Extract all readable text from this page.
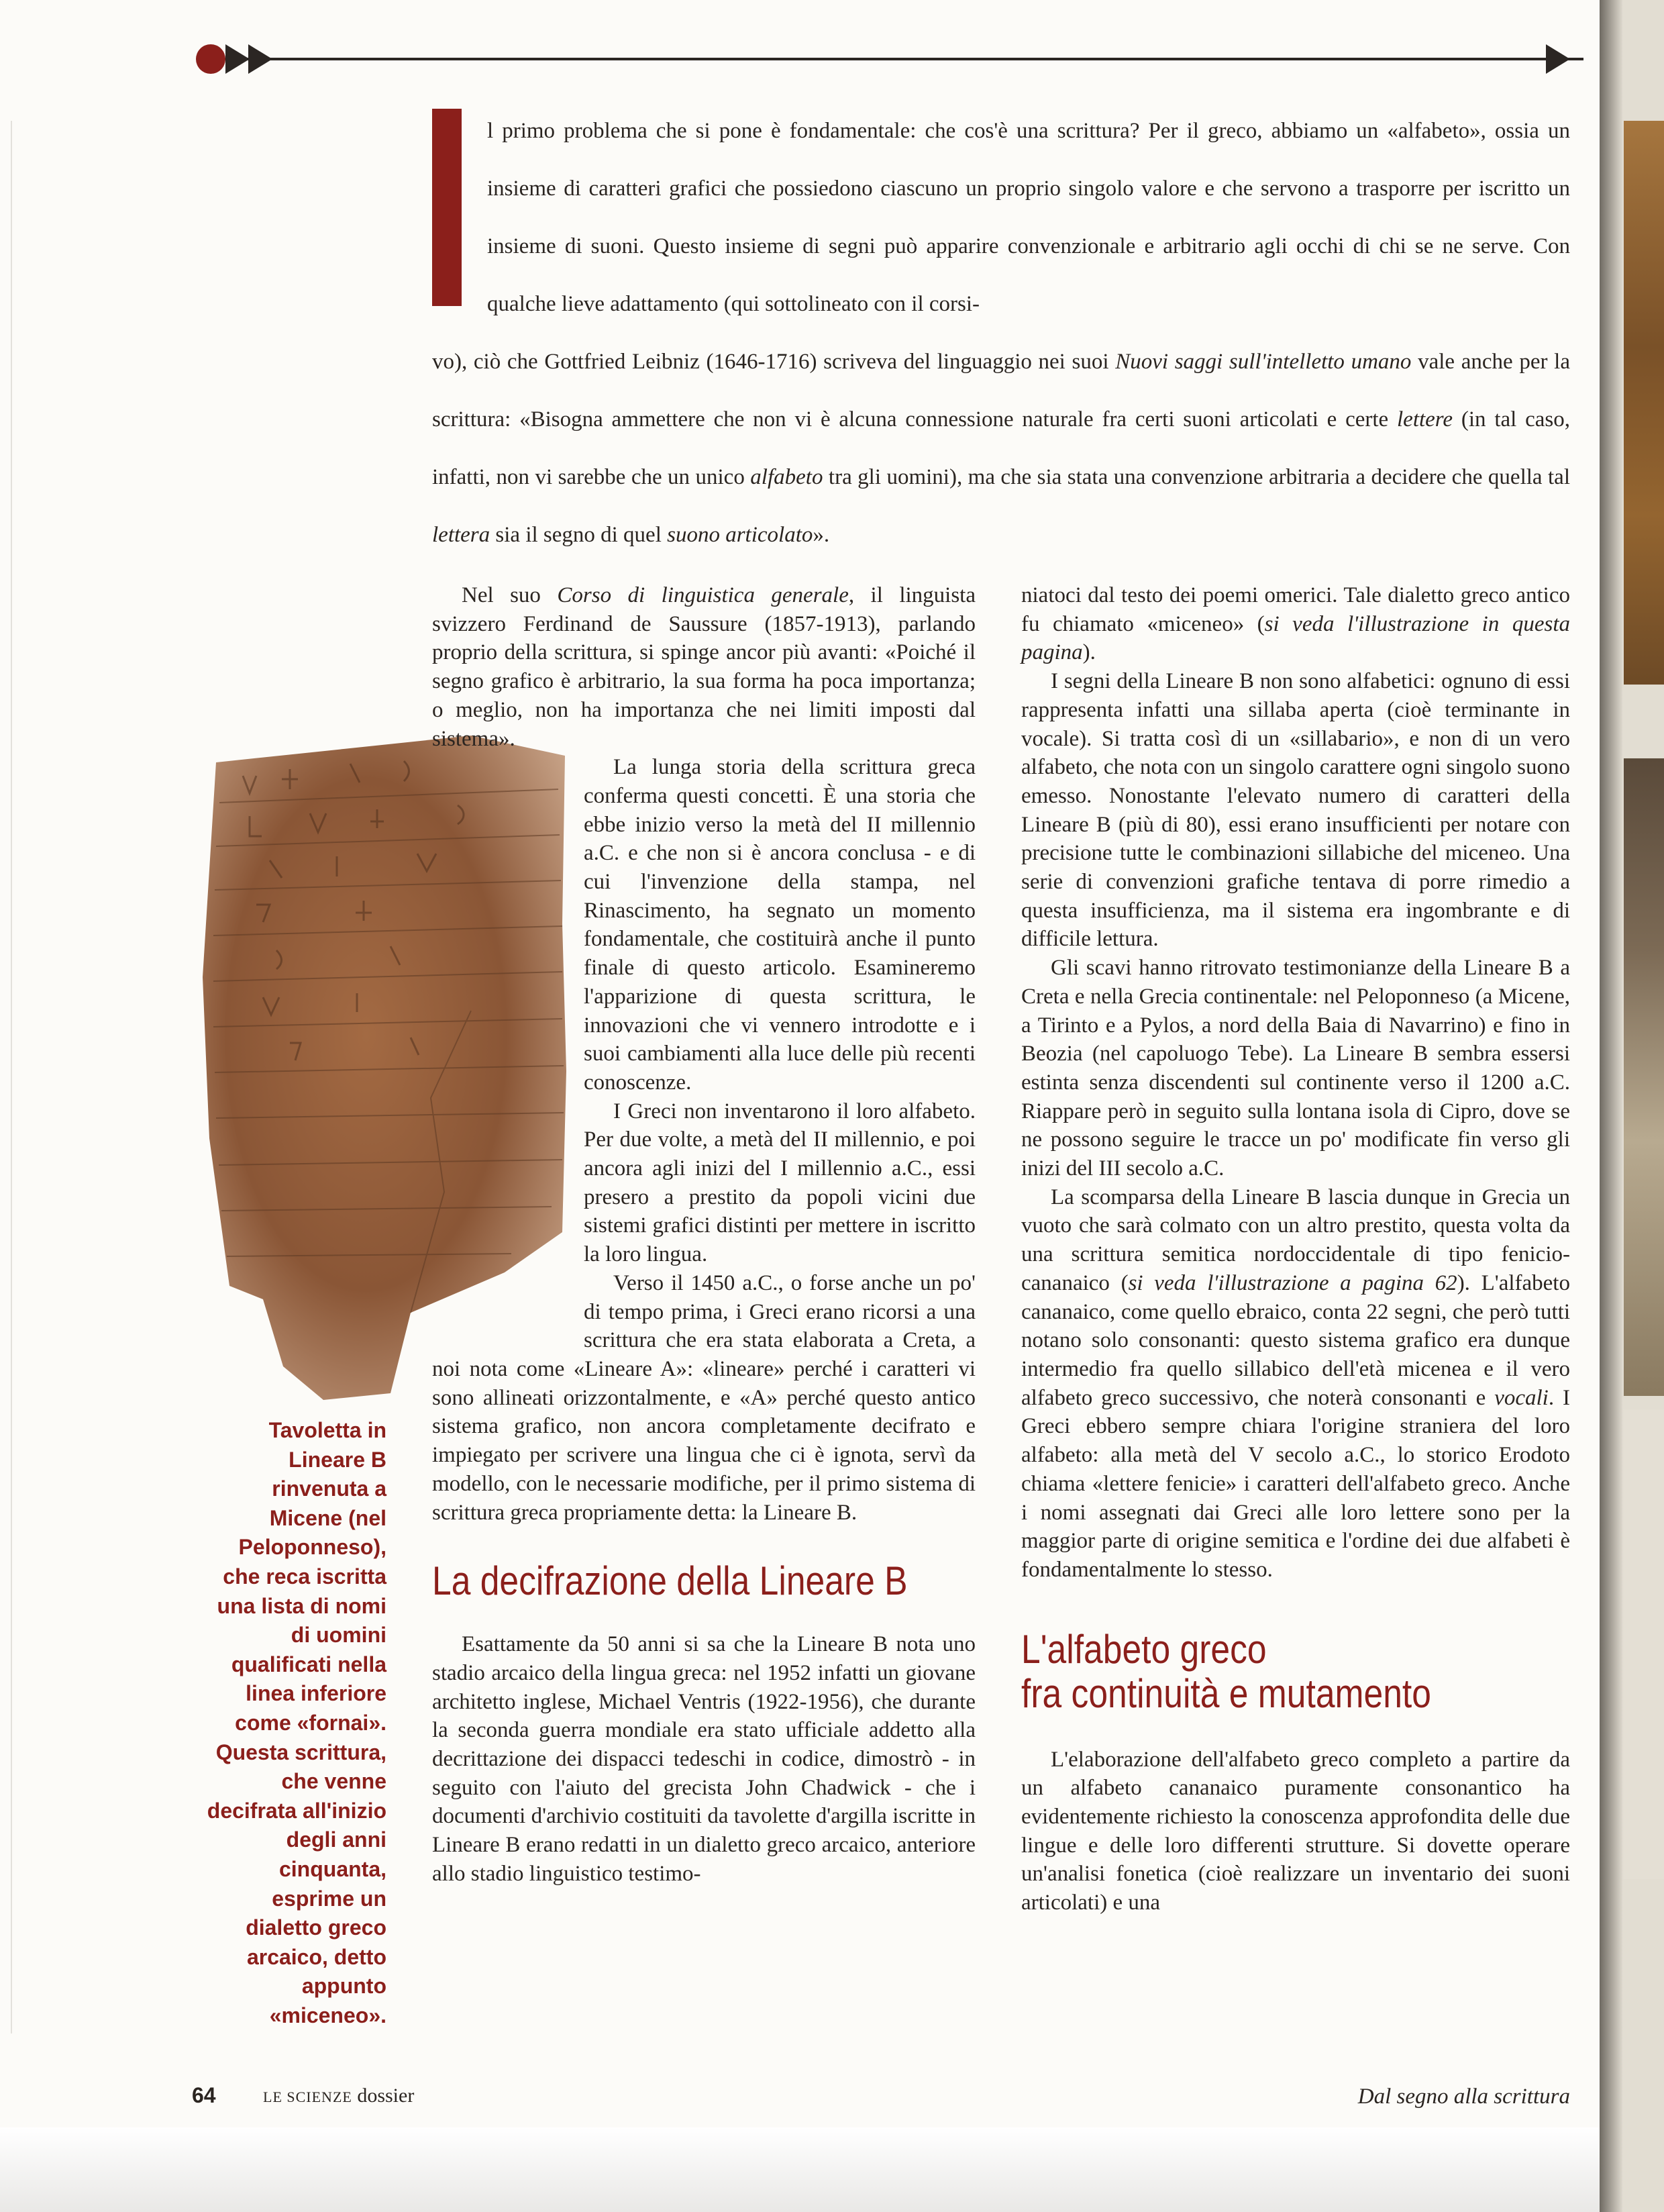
l primo problema che si pone è fondamentale: che cos'è una scrittura? Per il greco, abbiamo un «alfabeto», ossia un insieme di caratteri grafici che possiedono ciascuno un proprio singolo valore e che servono a trasporre per iscritto un insieme di suoni. Questo insieme di segni può apparire convenzionale e arbitrario agli occhi di chi se ne serve. Con qualche lieve adattamento (qui sottolineato con il corsi-

vo), ciò che Gottfried Leibniz (1646-1716) scriveva del linguaggio nei suoi Nuovi saggi sull'intelletto umano vale anche per la scrittura: «Bisogna ammettere che non vi è alcuna connessione naturale fra certi suoni articolati e certe lettere (in tal caso, infatti, non vi sarebbe che un unico alfabeto tra gli uomini), ma che sia stata una convenzione arbitraria a decidere che quella tal lettera sia il segno di quel suono articolato».

Tavoletta in Lineare B rinvenuta a Micene (nel Peloponneso), che reca iscritta una lista di nomi di uomini qualificati nella linea inferiore come «fornai». Questa scrittura, che venne decifrata all'inizio degli anni cinquanta, esprime un dialetto greco arcaico, detto appunto «miceneo».

Nel suo Corso di linguistica generale, il linguista svizzero Ferdinand de Saussure (1857-1913), parlando proprio della scrittura, si spinge ancor più avanti: «Poiché il segno grafico è arbitrario, la sua forma ha poca importanza; o meglio, non ha importanza che nei limiti imposti dal sistema».

La lunga storia della scrittura greca conferma questi concetti. È una storia che ebbe inizio verso la metà del II millennio a.C. e che non si è ancora conclusa - e di cui l'invenzione della stampa, nel Rinascimento, ha segnato un momento fondamentale, che costituirà anche il punto finale di questo articolo. Esamineremo l'apparizione di questa scrittura, le innovazioni che vi vennero introdotte e i suoi cambiamenti alla luce delle più recenti conoscenze.

I Greci non inventarono il loro alfabeto. Per due volte, a metà del II millennio, e poi ancora agli inizi del I millennio a.C., essi presero a prestito da popoli vicini due sistemi grafici distinti per mettere in iscritto la loro lingua.

Verso il 1450 a.C., o forse anche un po' di tempo prima, i Greci erano ricorsi a una scrittura che era stata elaborata a Creta, a noi nota come «Lineare A»: «lineare» perché i caratteri vi sono allineati orizzontalmente, e «A» perché questo antico sistema grafico, non ancora completamente decifrato e impiegato per scrivere una lingua che ci è ignota, servì da modello, con le necessarie modifiche, per il primo sistema di scrittura greca propriamente detta: la Lineare B.

La decifrazione della Lineare B

Esattamente da 50 anni si sa che la Lineare B nota uno stadio arcaico della lingua greca: nel 1952 infatti un giovane architetto inglese, Michael Ventris (1922-1956), che durante la seconda guerra mondiale era stato ufficiale addetto alla decrittazione dei dispacci tedeschi in codice, dimostrò - in seguito con l'aiuto del grecista John Chadwick - che i documenti d'archivio costituiti da tavolette d'argilla iscritte in Lineare B erano redatti in un dialetto greco arcaico, anteriore allo stadio linguistico testimo-

niatoci dal testo dei poemi omerici. Tale dialetto greco antico fu chiamato «miceneo» (si veda l'illustrazione in questa pagina).

I segni della Lineare B non sono alfabetici: ognuno di essi rappresenta infatti una sillaba aperta (cioè terminante in vocale). Si tratta così di un «sillabario», e non di un vero alfabeto, che nota con un singolo carattere ogni singolo suono emesso. Nonostante l'elevato numero di caratteri della Lineare B (più di 80), essi erano insufficienti per notare con precisione tutte le combinazioni sillabiche del miceneo. Una serie di convenzioni grafiche tentava di porre rimedio a questa insufficienza, ma il sistema era ingombrante e di difficile lettura.

Gli scavi hanno ritrovato testimonianze della Lineare B a Creta e nella Grecia continentale: nel Peloponneso (a Micene, a Tirinto e a Pylos, a nord della Baia di Navarrino) e fino in Beozia (nel capoluogo Tebe). La Lineare B sembra essersi estinta senza discendenti sul continente verso il 1200 a.C. Riappare però in seguito sulla lontana isola di Cipro, dove se ne possono seguire le tracce un po' modificate fin verso gli inizi del III secolo a.C.

La scomparsa della Lineare B lascia dunque in Grecia un vuoto che sarà colmato con un altro prestito, questa volta da una scrittura semitica nordoccidentale di tipo fenicio-cananaico (si veda l'illustrazione a pagina 62). L'alfabeto cananaico, come quello ebraico, conta 22 segni, che però tutti notano solo consonanti: questo sistema grafico era dunque intermedio fra quello sillabico dell'età micenea e il vero alfabeto greco successivo, che noterà consonanti e vocali. I Greci ebbero sempre chiara l'origine straniera del loro alfabeto: alla metà del V secolo a.C., lo storico Erodoto chiama «lettere fenicie» i caratteri dell'alfabeto greco. Anche i nomi assegnati dai Greci alle loro lettere sono per la maggior parte di origine semitica e l'ordine dei due alfabeti è fondamentalmente lo stesso.

L'alfabeto greco
fra continuità e mutamento

L'elaborazione dell'alfabeto greco completo a partire da un alfabeto cananaico puramente consonantico ha evidentemente richiesto la conoscenza approfondita delle due lingue e delle loro differenti strutture. Si dovette operare un'analisi fonetica (cioè realizzare un inventario dei suoni articolati) e una

64	LE SCIENZE dossier	Dal segno alla scrittura
